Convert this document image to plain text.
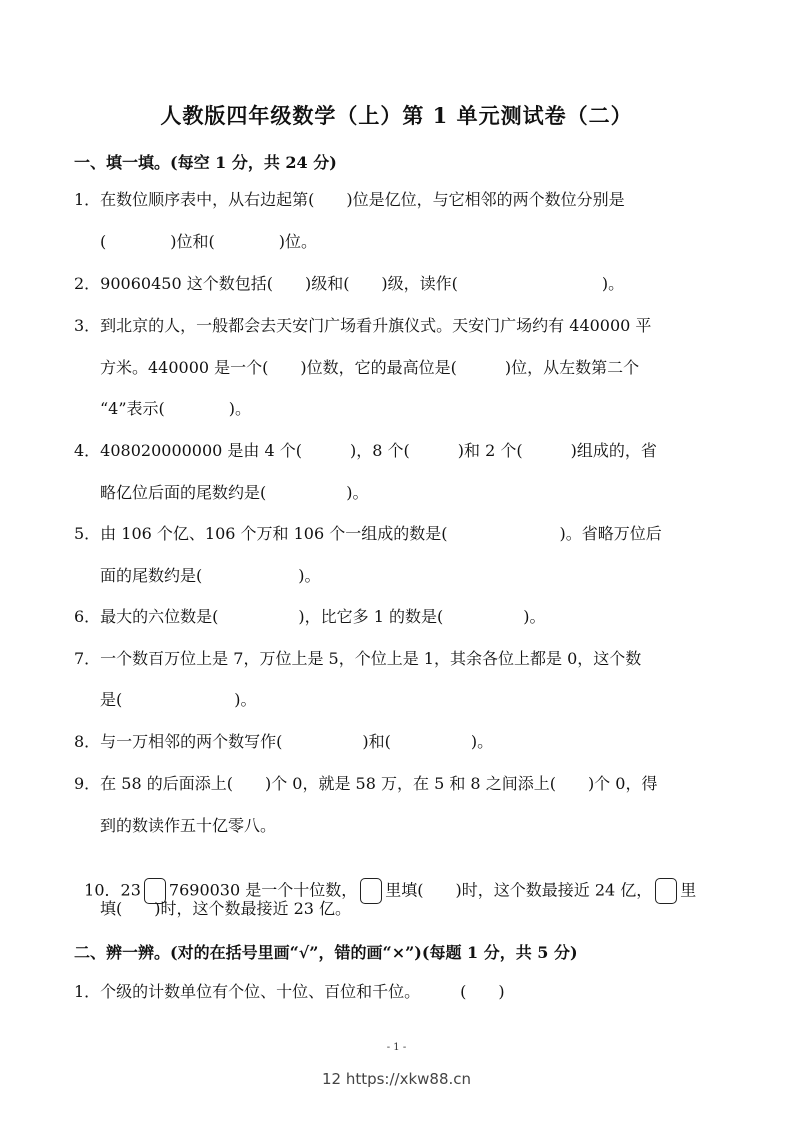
人教版四年级数学（上）第 1 单元测试卷（二）
一、填一填。(每空 1 分，共 24 分)
1．在数位顺序表中，从右边起第(　　)位是亿位，与它相邻的两个数位分别是
(　　　　)位和(　　　　)位。
2．90060450 这个数包括(　　)级和(　　)级，读作(　　　　　　　　　)。
3．到北京的人，一般都会去天安门广场看升旗仪式。天安门广场约有 440000 平
方米。440000 是一个(　　)位数，它的最高位是(　　　)位，从左数第二个
“4”表示(　　　　)。
4．408020000000 是由 4 个(　　　)，8 个(　　　)和 2 个(　　　)组成的，省
略亿位后面的尾数约是(　　　　　)。
5．由 106 个亿、106 个万和 106 个一组成的数是(　　　　　　　)。省略万位后
面的尾数约是(　　　　　　)。
6．最大的六位数是(　　　　　)，比它多 1 的数是(　　　　　)。
7．一个数百万位上是 7，万位上是 5，个位上是 1，其余各位上都是 0，这个数
是(　　　　　　　)。
8．与一万相邻的两个数写作(　　　　　)和(　　　　　)。
9．在 58 的后面添上(　　)个 0，就是 58 万，在 5 和 8 之间添上(　　)个 0，得
到的数读作五十亿零八。

10．23 7690030 是一个十位数， 里填(　　)时，这个数最接近 24 亿， 里

填(　　)时，这个数最接近 23 亿。
二、辨一辨。(对的在括号里画“√”，错的画“×”)(每题 1 分，共 5 分)
1．个级的计数单位有个位、十位、百位和千位。　　　(　　)
- 1 -
12 https://xkw88.cn
